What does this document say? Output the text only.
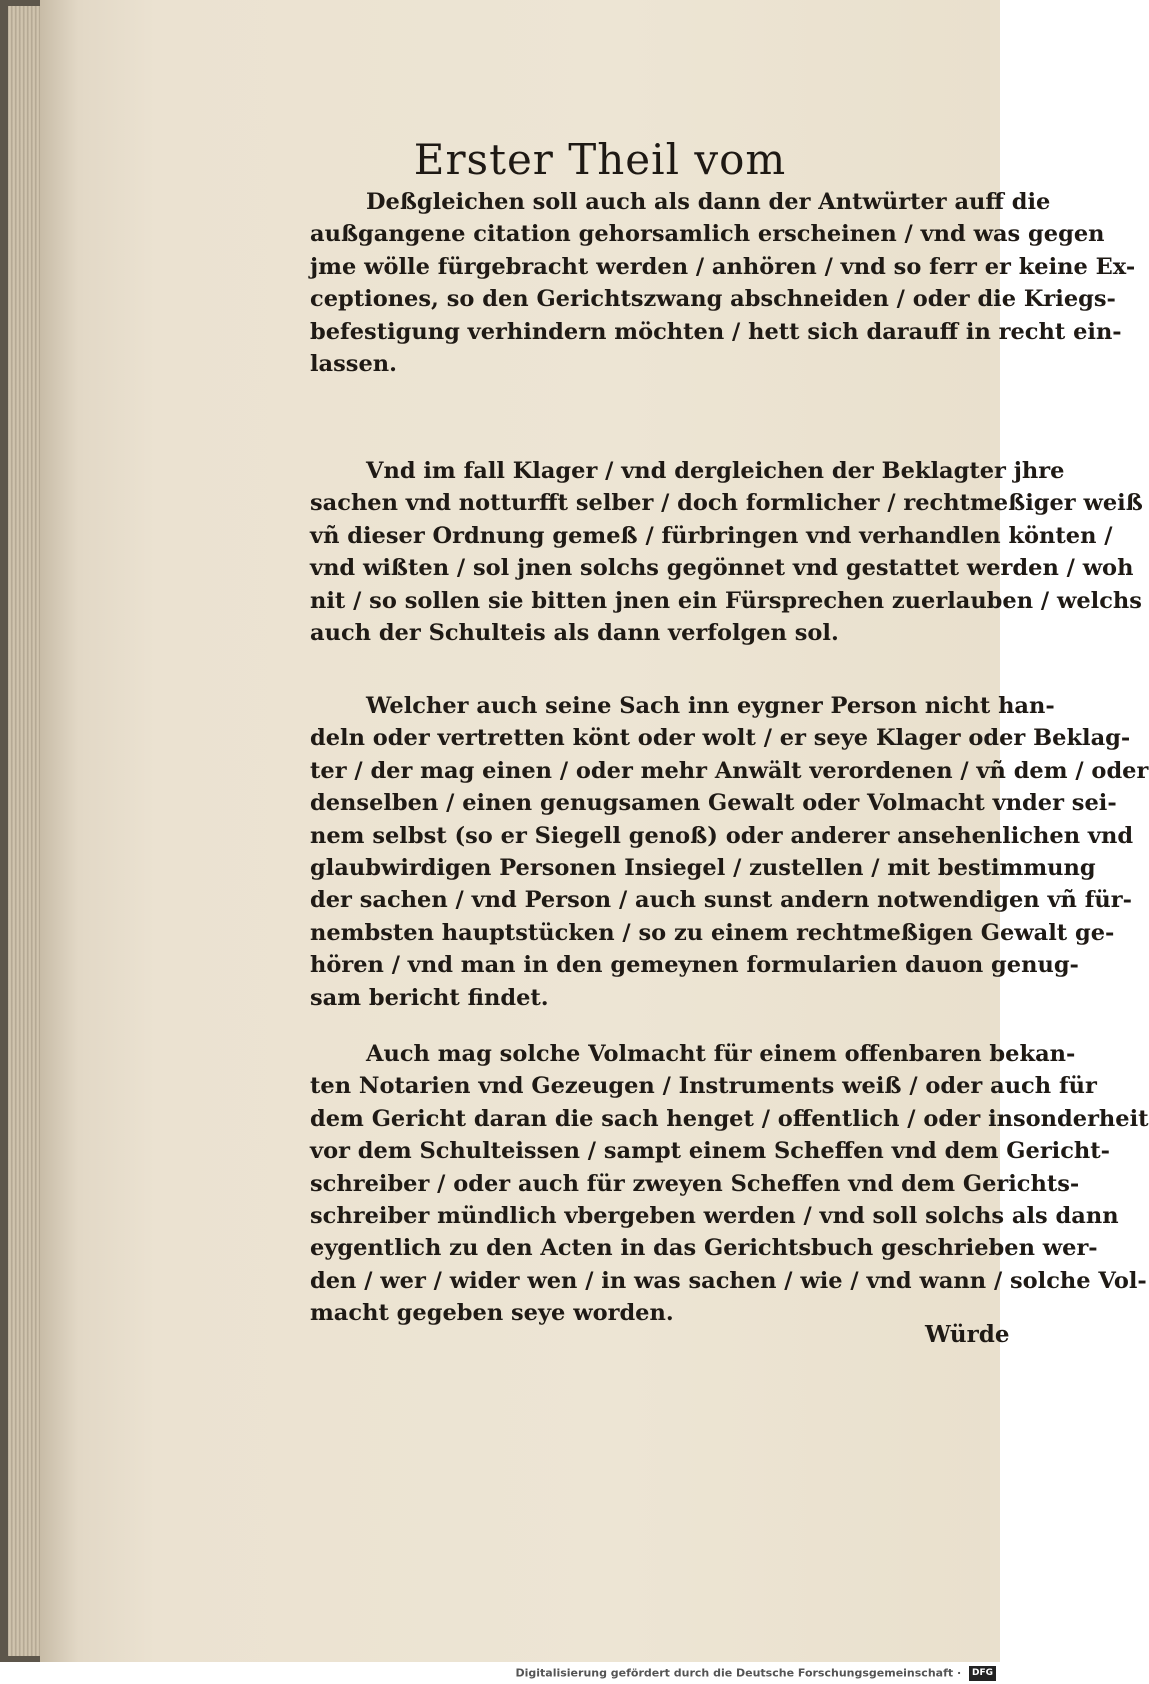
Erster Theil vom
Deßgleichen soll auch als dann der Antwürter auff die
außgangene citation gehorsamlich erscheinen / vnd was gegen
jme wölle fürgebracht werden / anhören / vnd so ferr er keine Ex-
ceptiones, so den Gerichtszwang abschneiden / oder die Kriegs-
befestigung verhindern möchten / hett sich darauff in recht ein-
lassen.
Vnd im fall Klager / vnd dergleichen der Beklagter jhre
sachen vnd notturfft selber / doch formlicher / rechtmeßiger weiß
vñ dieser Ordnung gemeß / fürbringen vnd verhandlen könten /
vnd wißten / sol jnen solchs gegönnet vnd gestattet werden / woh
nit / so sollen sie bitten jnen ein Fürsprechen zuerlauben / welchs
auch der Schulteis als dann verfolgen sol.
Welcher auch seine Sach inn eygner Person nicht han-
deln oder vertretten könt oder wolt / er seye Klager oder Beklag-
ter / der mag einen / oder mehr Anwält verordenen / vñ dem / oder
denselben / einen genugsamen Gewalt oder Volmacht vnder sei-
nem selbst (so er Siegell genoß) oder anderer ansehenlichen vnd
glaubwirdigen Personen Insiegel / zustellen / mit bestimmung
der sachen / vnd Person / auch sunst andern notwendigen vñ für-
nembsten hauptstücken / so zu einem rechtmeßigen Gewalt ge-
hören / vnd man in den gemeynen formularien dauon genug-
sam bericht findet.
Auch mag solche Volmacht für einem offenbaren bekan-
ten Notarien vnd Gezeugen / Instruments weiß / oder auch für
dem Gericht daran die sach henget / offentlich / oder insonderheit
vor dem Schulteissen / sampt einem Scheffen vnd dem Gericht-
schreiber / oder auch für zweyen Scheffen vnd dem Gerichts-
schreiber mündlich vbergeben werden / vnd soll solchs als dann
eygentlich zu den Acten in das Gerichtsbuch geschrieben wer-
den / wer / wider wen / in was sachen / wie / vnd wann / solche Vol-
macht gegeben seye worden.
Würde
Digitalisierung gefördert durch die Deutsche Forschungsgemeinschaft · DFG
